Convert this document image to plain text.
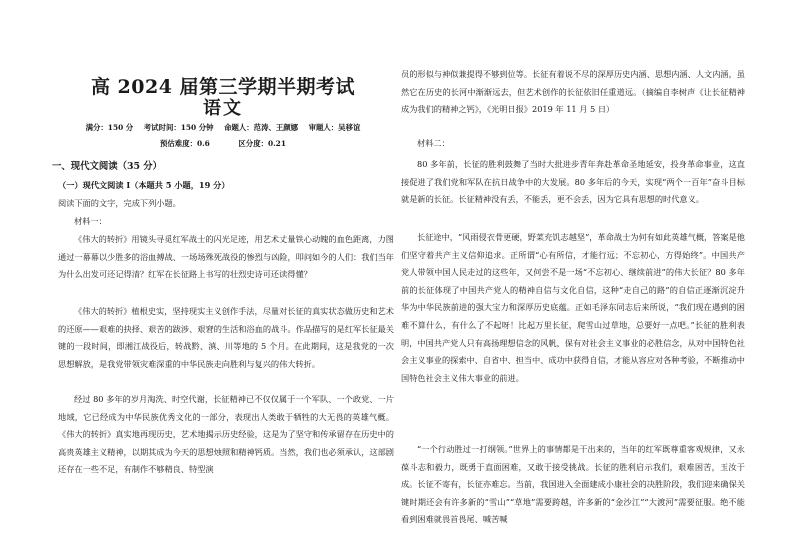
高 2024 届第三学期半期考试
语文
满分：150 分 考试时间：150 分钟 命题人：范涛、王颜娜 审题人：吴移谊
预估难度：0.6	区分度：0.21
一、现代文阅读（35 分）
（一）现代文阅读 I（本题共 5 小题，19 分）
阅读下面的文字，完成下列小题。
材料一：

《伟大的转折》用镜头寻觅红军战士的闪光足迹，用艺术丈量铁心动魄的血色距离，力图通过一幕幕以少胜多的浴血搏战、一场场殊死战役的惨烈与凶险，叩问如今的人们：我们当年为什么出发可还记得清？红军在长征路上书写的壮烈史诗可还读得懂？

《伟大的转折》植根史实，坚持现实主义创作手法，尽量对长征的真实状态做历史和艺术的还原——艰难的抉择、艰苦的跋涉、艰窘的生活和浴血的战斗。作品描写的是红军长征最关键的一段时间，即湘江战役后，转战黔、滇、川等地的 5 个月。在此期间，这是我党的一次思想解放，是我党带领灾难深重的中华民族走向胜利与复兴的伟大转折。

经过 80 多年的岁月淘洗、时空代谢，长征精神已不仅仅属于一个军队、一个政党、一片地域，它已经成为中华民族优秀文化的一部分，表现出人类敢于牺牲的大无畏的英雄气概。《伟大的转折》真实地再现历史，艺术地揭示历史经验，这是为了坚守和传承留存在历史中的高贵英雄主义精神，以期其成为今天的思想烛照和精神钙质。当然，我们也必须承认，这部剧还存在一些不足，有制作不够精良、特型演

员的形似与神似兼提得不够到位等。长征有着说不尽的深厚历史内涵、思想内涵、人文内涵，虽然它在历史的长河中渐渐远去，但艺术创作的长征依旧任重道远。（摘编自李树声《让长征精神成为我们的精神之钙》，《光明日报》2019 年 11 月 5 日）

材料二：

80 多年前，长征的胜利鼓舞了当时大批进步青年奔赴革命圣地延安，投身革命事业，这直接促进了我们党和军队在抗日战争中的大发展。80 多年后的今天，实现“两个一百年”奋斗目标就是新的长征。长征精神没有丢，不能丢，更不会丢，因为它具有思想的时代意义。

长征途中，“风雨侵衣骨更硬，野菜充饥志越坚”，革命战士为何有如此英雄气概，答案是他们坚守着共产主义信仰追求。正所谓“心有所信，才能行远；不忘初心，方得始终”。中国共产党人带领中国人民走过的这些年，又何尝不是一场“不忘初心、继续前进”的伟大长征？80 多年前的长征体现了中国共产党人的精神自信与文化自信，这种“走自己的路”的自信正逐渐沉淀升华为中华民族前进的强大宝力和深厚历史底蕴。正如毛泽东同志后来所说，“我们现在遇到的困难不算什么，有什么了不起呀！比起万里长征，爬雪山过草地，总要好一点吧。”长征的胜利表明，中国共产党人只有高扬理想信念的风帆，保有对社会主义事业的必胜信念，从对中国特色社会主义事业的探索中、自省中、担当中、成功中获得自信，才能从容应对各种考验，不断推动中国特色社会主义伟大事业的前进。

“一个行动胜过一打纲领。”世界上的事情都是干出来的，当年的红军既尊重客观规律，又永葆斗志和毅力，既勇于直面困难，又敢于接受挑战。长征的胜利启示我们，艰难困苦，玉汝于成。长征不寄有，长征亦难忘。当前，我国进入全面建成小康社会的决胜阶段，我们迎来确保关键时期还会有许多新的“雪山”“草地”需要跨越，许多新的“金沙江”“大渡河”需要征服。绝不能看到困难就畏首畏尾、喊苦喊
